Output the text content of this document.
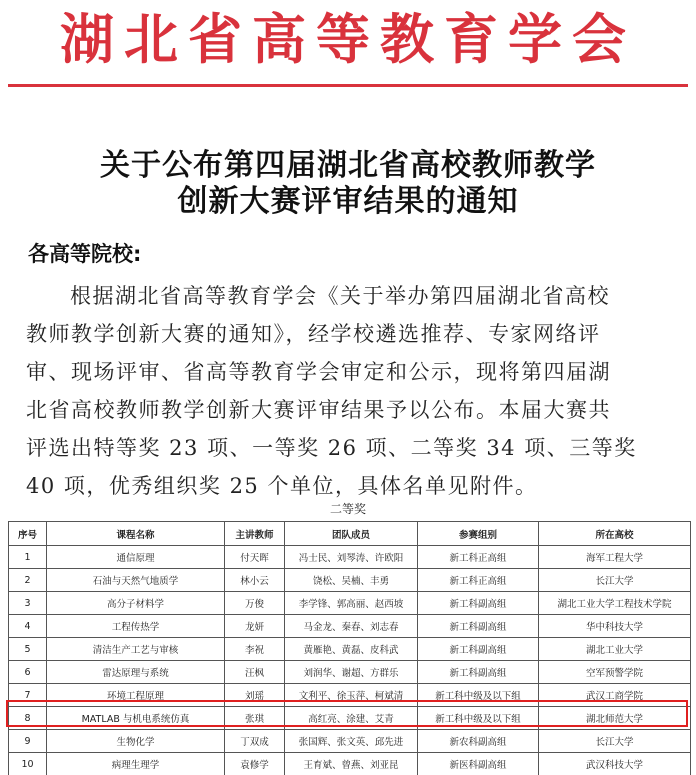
湖北省高等教育学会
关于公布第四届湖北省高校教师教学
创新大赛评审结果的通知
各高等院校:
根据湖北省高等教育学会《关于举办第四届湖北省高校
教师教学创新大赛的通知》，经学校遴选推荐、专家网络评
审、现场评审、省高等教育学会审定和公示，现将第四届湖
北省高校教师教学创新大赛评审结果予以公布。本届大赛共
评选出特等奖 23 项、一等奖 26 项、二等奖 34 项、三等奖
40 项，优秀组织奖 25 个单位，具体名单见附件。
二等奖
序号	课程名称	主讲教师	团队成员	参赛组别	所在高校
1	通信原理	付天晖	冯士民、刘琴涛、许欧阳	新工科正高组	海军工程大学
2	石油与天然气地质学	林小云	饶松、吴楠、丰勇	新工科正高组	长江大学
3	高分子材料学	万俊	李学锋、郭高丽、赵西坡	新工科副高组	湖北工业大学工程技术学院
4	工程传热学	龙妍	马金龙、秦春、刘志春	新工科副高组	华中科技大学
5	清洁生产工艺与审核	李祝	黄雁艳、黄磊、皮科武	新工科副高组	湖北工业大学
6	雷达原理与系统	汪枫	刘润华、谢超、方群乐	新工科副高组	空军预警学院
7	环境工程原理	刘瑶	文利平、徐玉萍、柯斌清	新工科中级及以下组	武汉工商学院
8	MATLAB 与机电系统仿真	张琪	高红亮、涂建、艾青	新工科中级及以下组	湖北师范大学
9	生物化学	丁双成	张国辉、张文英、邱先进	新农科副高组	长江大学
10	病理生理学	袁修学	王育斌、曾燕、刘亚昆	新医科副高组	武汉科技大学
